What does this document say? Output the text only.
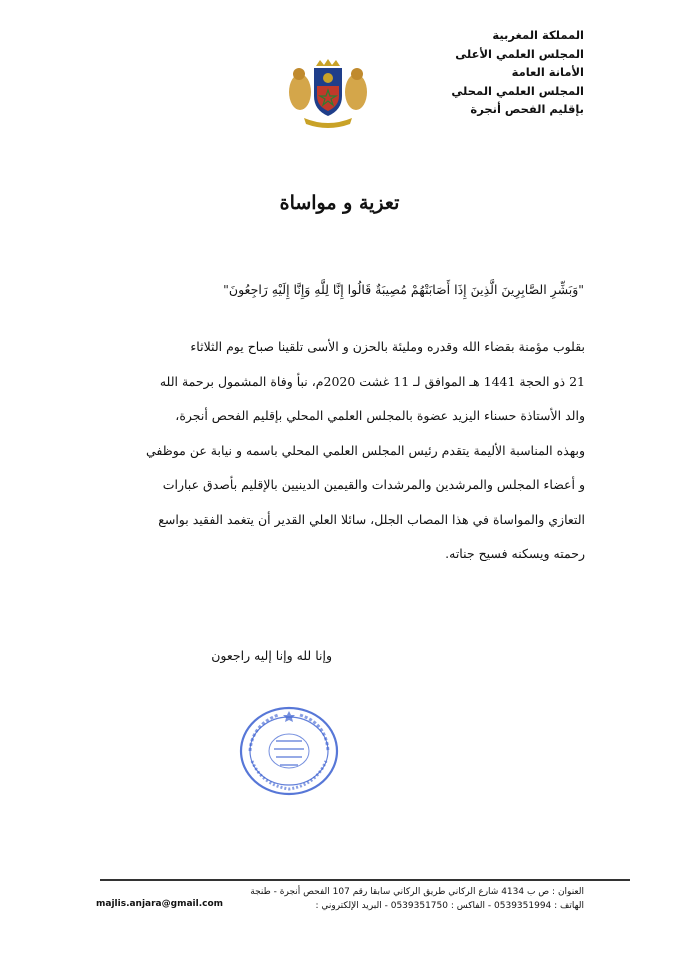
المملكة المغربية
المجلس العلمي الأعلى
الأمانة العامة
المجلس العلمي المحلي
بإقليم الفحص أنجرة
تعزية و مواساة
"وَبَشِّرِ الصَّابِرِينَ الَّذِينَ إِذَا أَصَابَتْهُمْ مُصِيبَةٌ قَالُوا إِنَّا لِلَّهِ وَإِنَّا إِلَيْهِ رَاجِعُونَ"
بقلوب مؤمنة بقضاء الله وقدره ومليئة بالحزن و الأسى تلقينا صباح يوم الثلاثاء
21 ذو الحجة 1441 هـ الموافق لـ 11 غشت 2020م، نبأ وفاة المشمول برحمة الله
والد الأستاذة حسناء اليزيد عضوة بالمجلس العلمي المحلي بإقليم الفحص أنجرة،
وبهذه المناسبة الأليمة يتقدم رئيس المجلس العلمي المحلي باسمه و نيابة عن موظفي
و أعضاء المجلس والمرشدين والمرشدات والقيمين الدينيين بالإقليم بأصدق عبارات
التعازي والمواساة في هذا المصاب الجلل، سائلا العلي القدير أن يتغمد الفقيد بواسع
رحمته ويسكنه فسيح جناته.
وإنا لله وإنا إليه راجعون
العنوان : ص ب 4134 شارع الركاني طريق الركاني سابقا رقم 107 الفحص أنجرة - طنجة
الهاتف : 0539351994 - الفاكس : 0539351750 - البريد الإلكتروني :
majlis.anjara@gmail.com
